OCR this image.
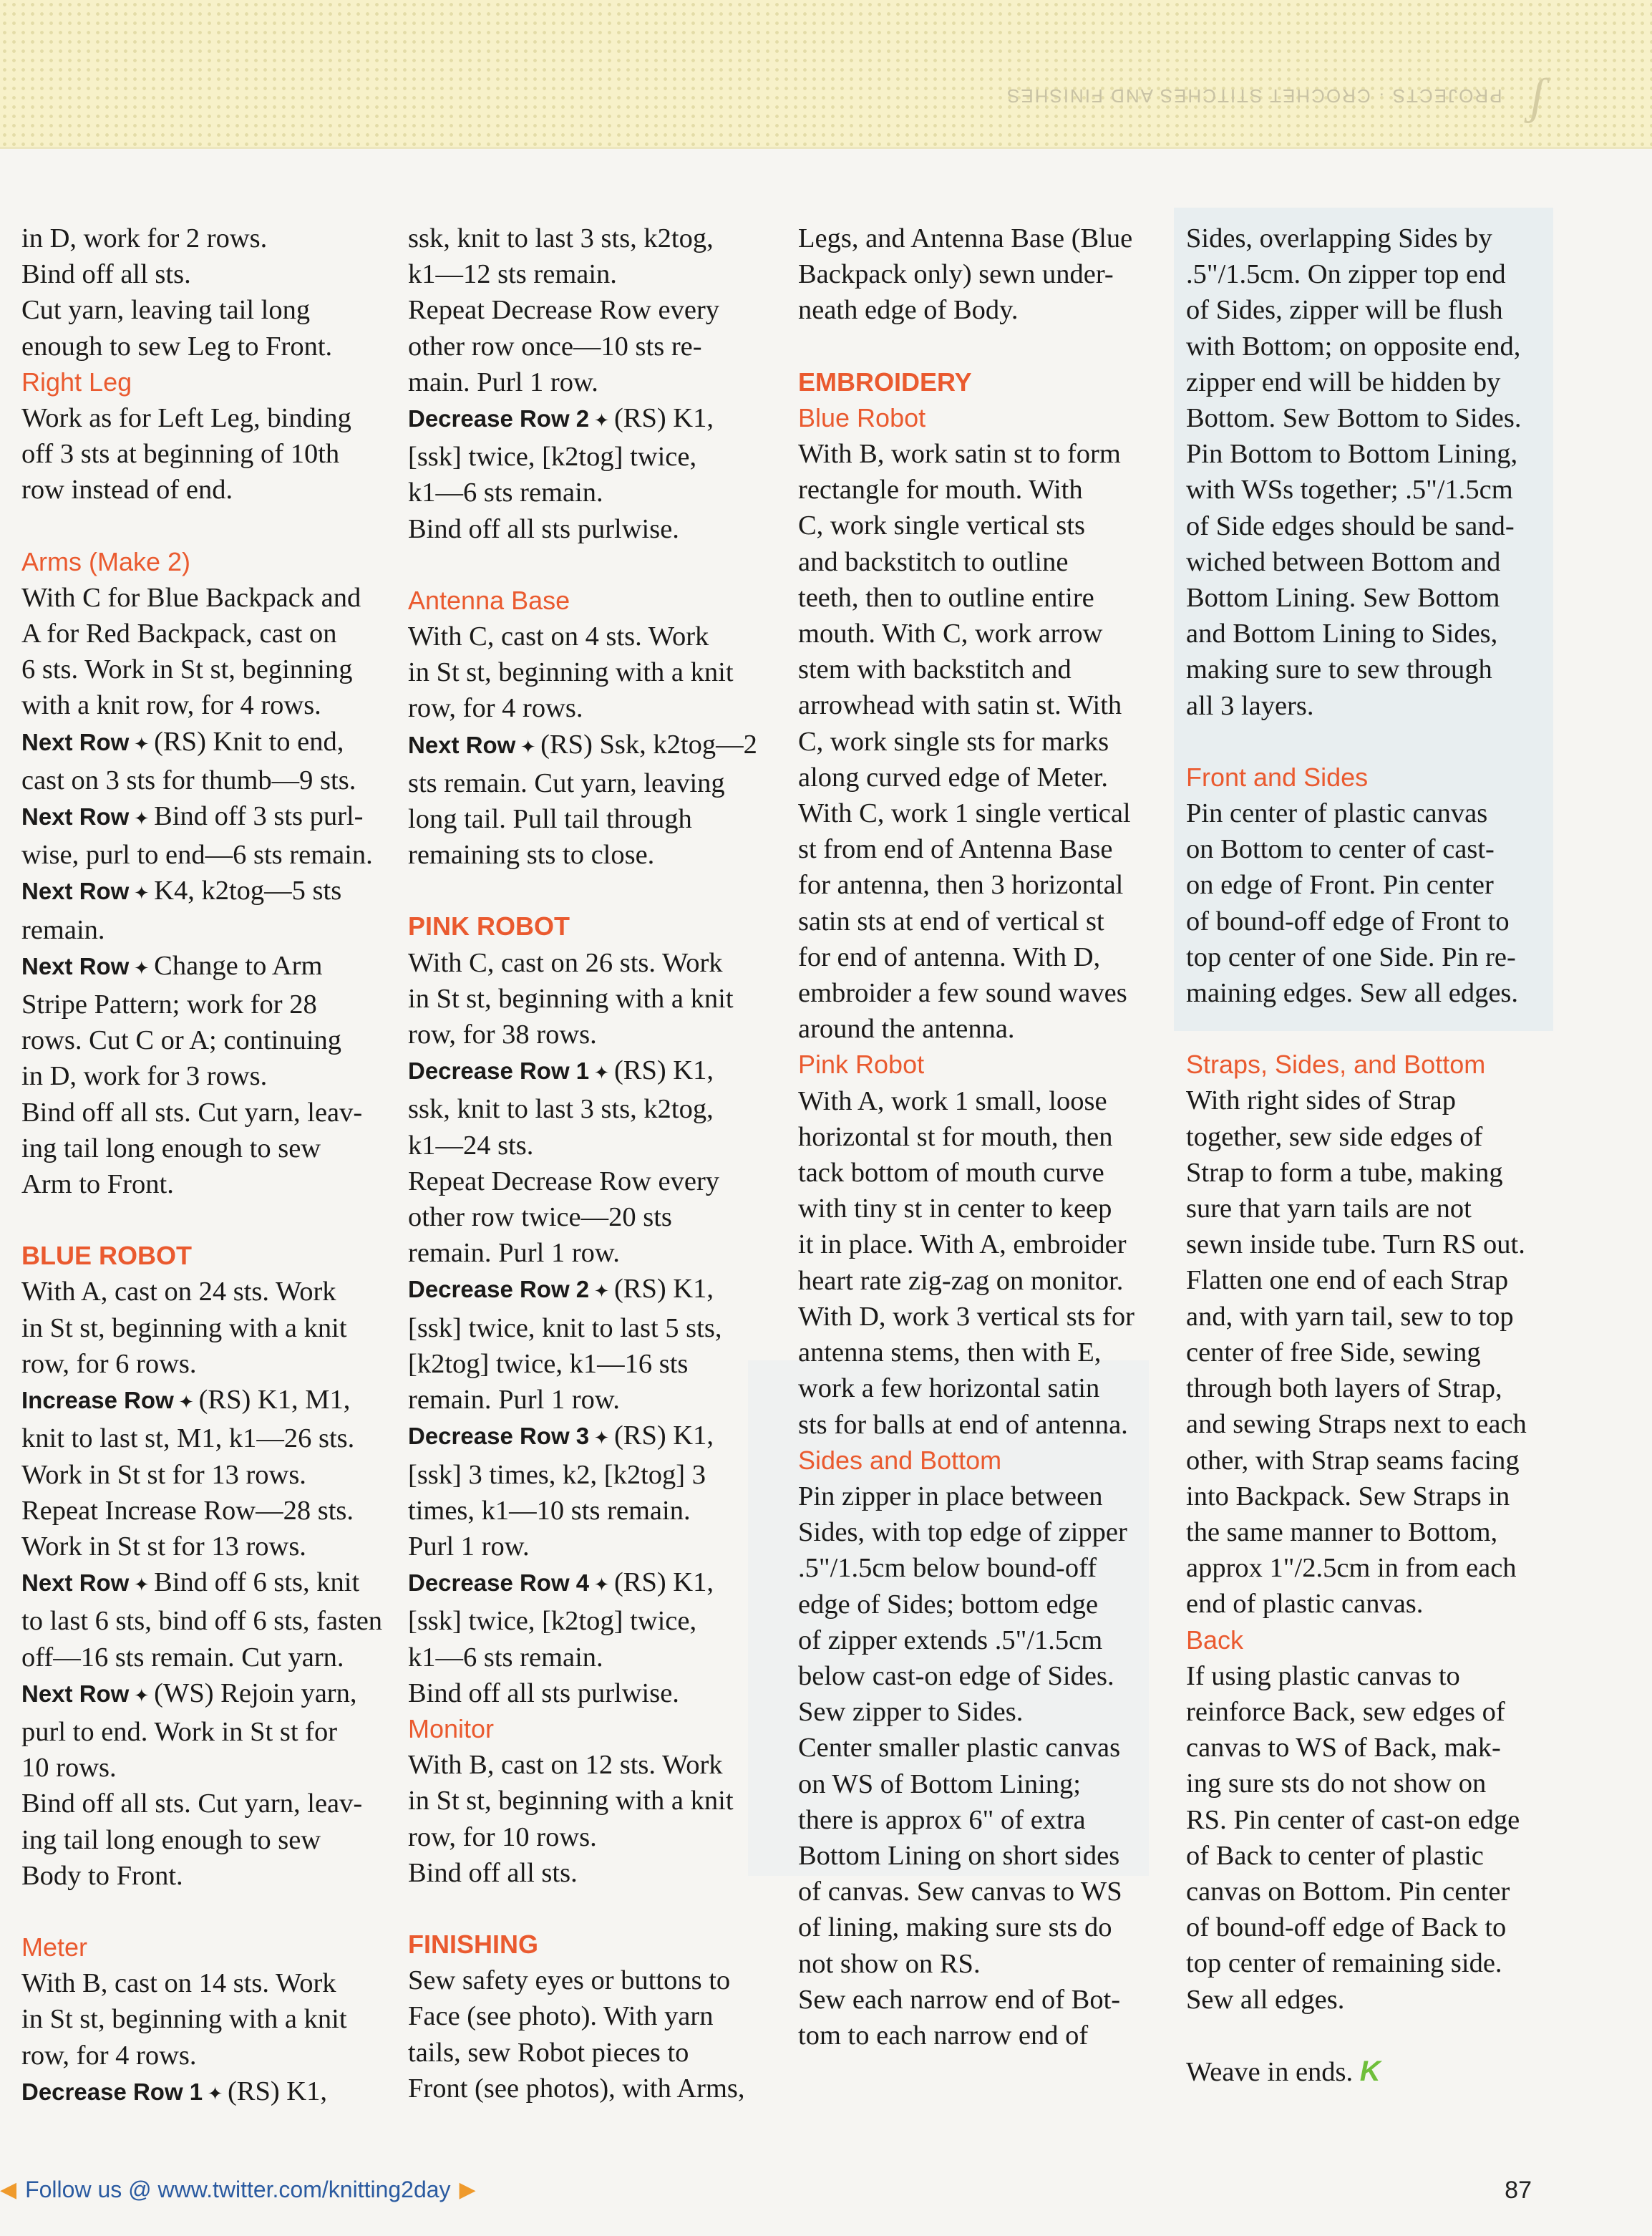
PROJECTS · CROCHET STITCHES AND FINISHES ʃ

in D, work for 2 rows.

Bind off all sts.

Cut yarn, leaving tail long

enough to sew Leg to Front.

Right Leg

Work as for Left Leg, binding

off 3 sts at beginning of 10th

row instead of end.

Arms (Make 2)

With C for Blue Backpack and

A for Red Backpack, cast on

6 sts. Work in St st, beginning

with a knit row, for 4 rows.

Next Row ✦ (RS) Knit to end,

cast on 3 sts for thumb—9 sts.

Next Row ✦ Bind off 3 sts purl-

wise, purl to end—6 sts remain.

Next Row ✦ K4, k2tog—5 sts

remain.

Next Row ✦ Change to Arm

Stripe Pattern; work for 28

rows. Cut C or A; continuing

in D, work for 3 rows.

Bind off all sts. Cut yarn, leav-

ing tail long enough to sew

Arm to Front.

BLUE ROBOT

With A, cast on 24 sts. Work

in St st, beginning with a knit

row, for 6 rows.

Increase Row ✦ (RS) K1, M1,

knit to last st, M1, k1—26 sts.

Work in St st for 13 rows.

Repeat Increase Row—28 sts.

Work in St st for 13 rows.

Next Row ✦ Bind off 6 sts, knit

to last 6 sts, bind off 6 sts, fasten

off—16 sts remain. Cut yarn.

Next Row ✦ (WS) Rejoin yarn,

purl to end. Work in St st for

10 rows.

Bind off all sts. Cut yarn, leav-

ing tail long enough to sew

Body to Front.

Meter

With B, cast on 14 sts. Work

in St st, beginning with a knit

row, for 4 rows.

Decrease Row 1 ✦ (RS) K1,

ssk, knit to last 3 sts, k2tog,

k1—12 sts remain.

Repeat Decrease Row every

other row once—10 sts re-

main. Purl 1 row.

Decrease Row 2 ✦ (RS) K1,

[ssk] twice, [k2tog] twice,

k1—6 sts remain.

Bind off all sts purlwise.

Antenna Base

With C, cast on 4 sts. Work

in St st, beginning with a knit

row, for 4 rows.

Next Row ✦ (RS) Ssk, k2tog—2

sts remain. Cut yarn, leaving

long tail. Pull tail through

remaining sts to close.

PINK ROBOT

With C, cast on 26 sts. Work

in St st, beginning with a knit

row, for 38 rows.

Decrease Row 1 ✦ (RS) K1,

ssk, knit to last 3 sts, k2tog,

k1—24 sts.

Repeat Decrease Row every

other row twice—20 sts

remain. Purl 1 row.

Decrease Row 2 ✦ (RS) K1,

[ssk] twice, knit to last 5 sts,

[k2tog] twice, k1—16 sts

remain. Purl 1 row.

Decrease Row 3 ✦ (RS) K1,

[ssk] 3 times, k2, [k2tog] 3

times, k1—10 sts remain.

Purl 1 row.

Decrease Row 4 ✦ (RS) K1,

[ssk] twice, [k2tog] twice,

k1—6 sts remain.

Bind off all sts purlwise.

Monitor

With B, cast on 12 sts. Work

in St st, beginning with a knit

row, for 10 rows.

Bind off all sts.

FINISHING

Sew safety eyes or buttons to

Face (see photo). With yarn

tails, sew Robot pieces to

Front (see photos), with Arms,

Legs, and Antenna Base (Blue

Backpack only) sewn under-

neath edge of Body.

EMBROIDERY

Blue Robot

With B, work satin st to form

rectangle for mouth. With

C, work single vertical sts

and backstitch to outline

teeth, then to outline entire

mouth. With C, work arrow

stem with backstitch and

arrowhead with satin st. With

C, work single sts for marks

along curved edge of Meter.

With C, work 1 single vertical

st from end of Antenna Base

for antenna, then 3 horizontal

satin sts at end of vertical st

for end of antenna. With D,

embroider a few sound waves

around the antenna.

Pink Robot

With A, work 1 small, loose

horizontal st for mouth, then

tack bottom of mouth curve

with tiny st in center to keep

it in place. With A, embroider

heart rate zig-zag on monitor.

With D, work 3 vertical sts for

antenna stems, then with E,

work a few horizontal satin

sts for balls at end of antenna.

Sides and Bottom

Pin zipper in place between

Sides, with top edge of zipper

.5"/1.5cm below bound-off

edge of Sides; bottom edge

of zipper extends .5"/1.5cm

below cast-on edge of Sides.

Sew zipper to Sides.

Center smaller plastic canvas

on WS of Bottom Lining;

there is approx 6" of extra

Bottom Lining on short sides

of canvas. Sew canvas to WS

of lining, making sure sts do

not show on RS.

Sew each narrow end of Bot-

tom to each narrow end of

Sides, overlapping Sides by

.5"/1.5cm. On zipper top end

of Sides, zipper will be flush

with Bottom; on opposite end,

zipper end will be hidden by

Bottom. Sew Bottom to Sides.

Pin Bottom to Bottom Lining,

with WSs together; .5"/1.5cm

of Side edges should be sand-

wiched between Bottom and

Bottom Lining. Sew Bottom

and Bottom Lining to Sides,

making sure to sew through

all 3 layers.

Front and Sides

Pin center of plastic canvas

on Bottom to center of cast-

on edge of Front. Pin center

of bound-off edge of Front to

top center of one Side. Pin re-

maining edges. Sew all edges.

Straps, Sides, and Bottom

With right sides of Strap

together, sew side edges of

Strap to form a tube, making

sure that yarn tails are not

sewn inside tube. Turn RS out.

Flatten one end of each Strap

and, with yarn tail, sew to top

center of free Side, sewing

through both layers of Strap,

and sewing Straps next to each

other, with Strap seams facing

into Backpack. Sew Straps in

the same manner to Bottom,

approx 1"/2.5cm in from each

end of plastic canvas.

Back

If using plastic canvas to

reinforce Back, sew edges of

canvas to WS of Back, mak-

ing sure sts do not show on

RS. Pin center of cast-on edge

of Back to center of plastic

canvas on Bottom. Pin center

of bound-off edge of Back to

top center of remaining side.

Sew all edges.

Weave in ends. K

◀ Follow us @ www.twitter.com/knitting2day ▶	87
